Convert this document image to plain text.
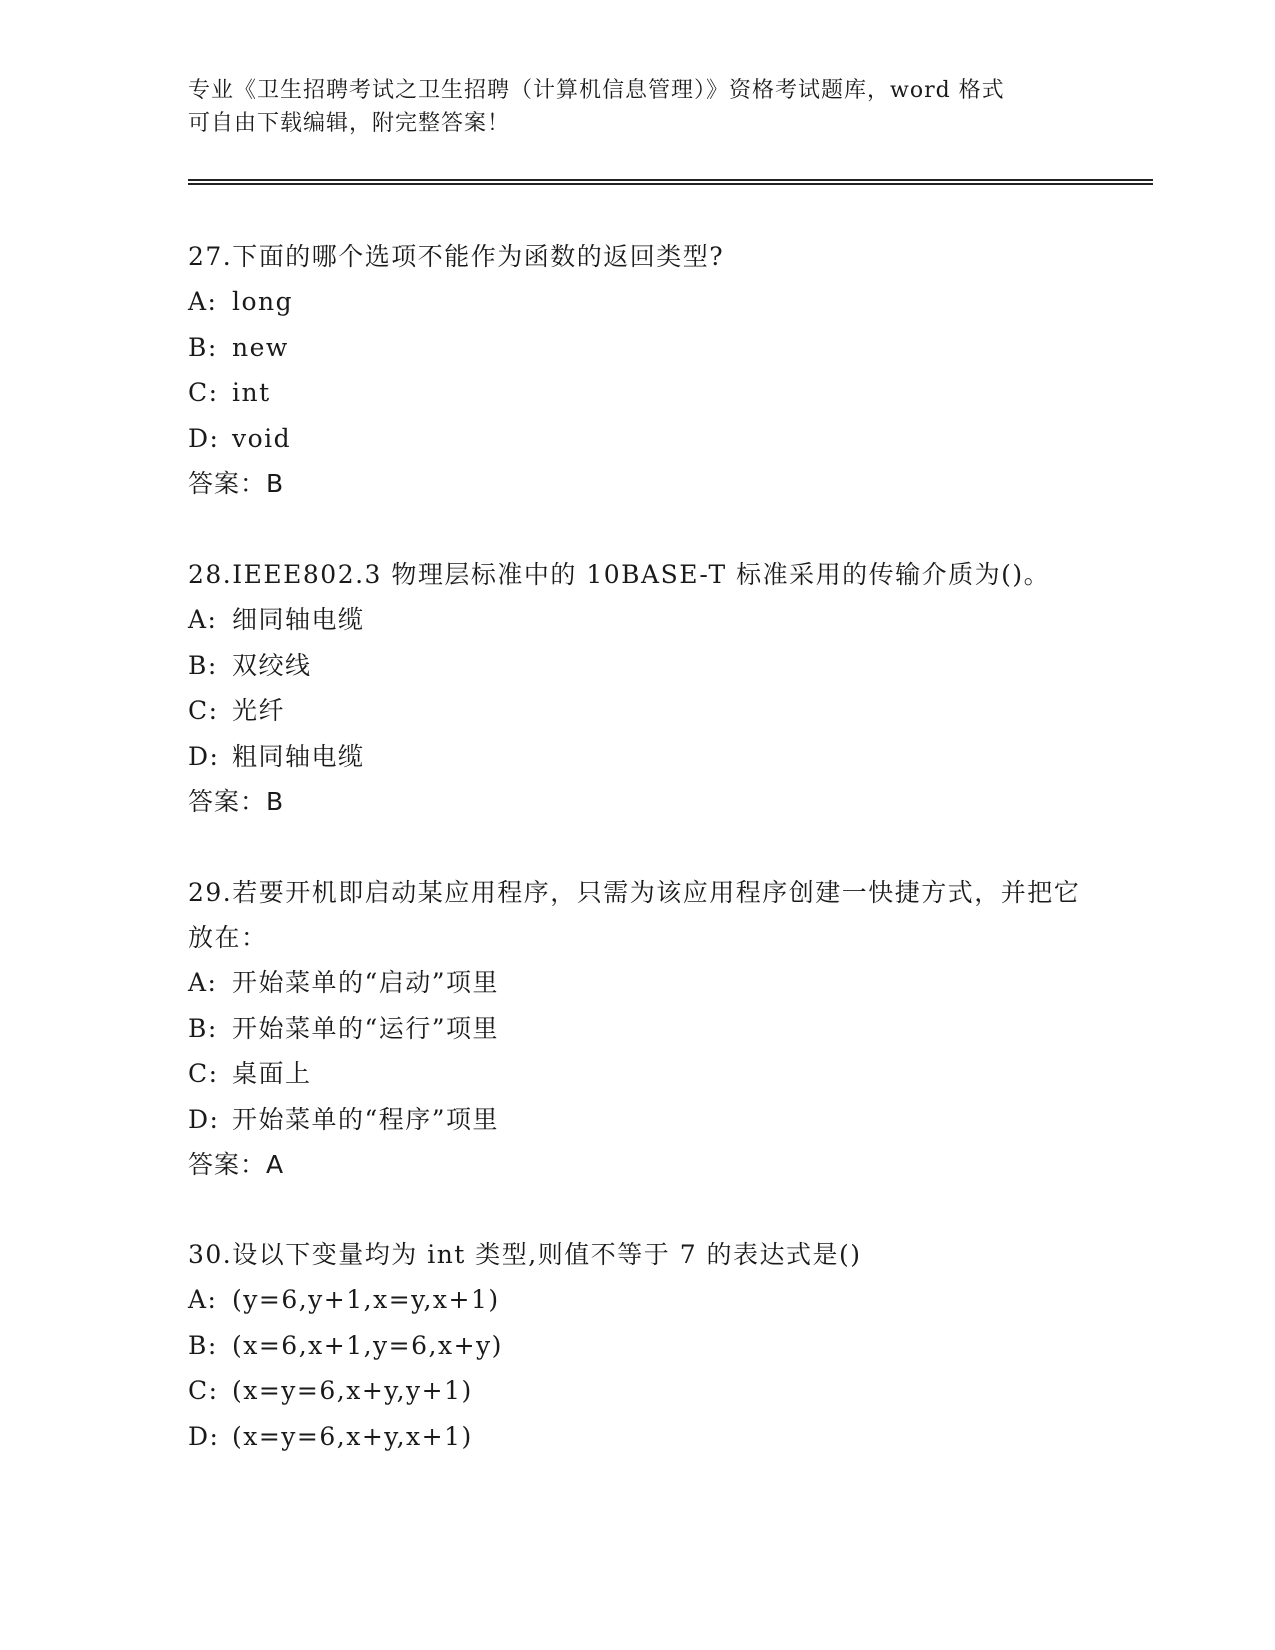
专业《卫生招聘考试之卫生招聘（计算机信息管理）》资格考试题库，word 格式
可自由下载编辑，附完整答案！
27.下面的哪个选项不能作为函数的返回类型?
A: long
B: new
C: int
D: void
答案：B
28.IEEE802.3 物理层标准中的 10BASE-T 标准采用的传输介质为()。
A: 细同轴电缆
B: 双绞线
C: 光纤
D: 粗同轴电缆
答案：B
29.若要开机即启动某应用程序，只需为该应用程序创建一快捷方式，并把它放在：
A: 开始菜单的“启动”项里
B: 开始菜单的“运行”项里
C: 桌面上
D: 开始菜单的“程序”项里
答案：A
30.设以下变量均为 int 类型,则值不等于 7 的表达式是()
A: (y=6,y+1,x=y,x+1)
B: (x=6,x+1,y=6,x+y)
C: (x=y=6,x+y,y+1)
D: (x=y=6,x+y,x+1)
